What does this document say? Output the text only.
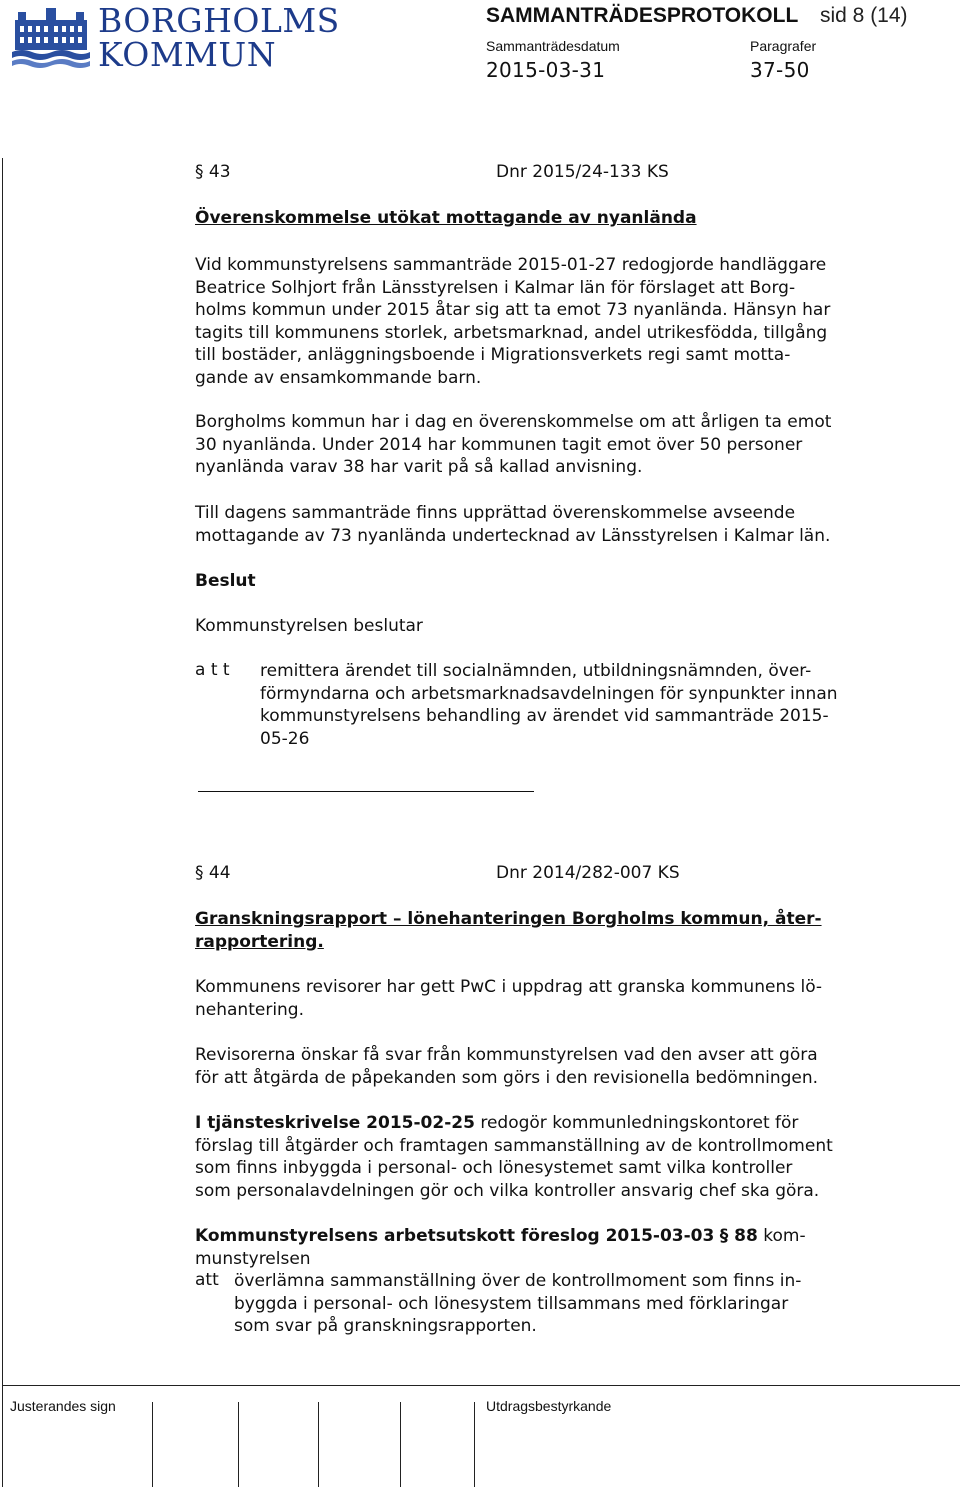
BORGHOLMS
KOMMUN
SAMMANTRÄDESPROTOKOLL sid 8 (14)
Sammanträdesdatum	Paragrafer
2015-03-31	37-50
§ 43	Dnr 2015/24-133 KS
Överenskommelse utökat mottagande av nyanlända
Vid kommunstyrelsens sammanträde 2015-01-27 redogjorde handläggare
Beatrice Solhjort från Länsstyrelsen i Kalmar län för förslaget att Borg-
holms kommun under 2015 åtar sig att ta emot 73 nyanlända. Hänsyn har
tagits till kommunens storlek, arbetsmarknad, andel utrikesfödda, tillgång
till bostäder, anläggningsboende i Migrationsverkets regi samt motta-
gande av ensamkommande barn.
Borgholms kommun har i dag en överenskommelse om att årligen ta emot
30 nyanlända. Under 2014 har kommunen tagit emot över 50 personer
nyanlända varav 38 har varit på så kallad anvisning.
Till dagens sammanträde finns upprättad överenskommelse avseende
mottagande av 73 nyanlända undertecknad av Länsstyrelsen i Kalmar län.
Beslut
Kommunstyrelsen beslutar
a t t remittera ärendet till socialnämnden, utbildningsnämnden, över-
förmyndarna och arbetsmarknadsavdelningen för synpunkter innan
kommunstyrelsens behandling av ärendet vid sammanträde 2015-
05-26
§ 44	Dnr 2014/282-007 KS
Granskningsrapport – lönehanteringen Borgholms kommun, åter-
rapportering.
Kommunens revisorer har gett PwC i uppdrag att granska kommunens lö-
nehantering.
Revisorerna önskar få svar från kommunstyrelsen vad den avser att göra
för att åtgärda de påpekanden som görs i den revisionella bedömningen.
I tjänsteskrivelse 2015-02-25 redogör kommunledningskontoret för
förslag till åtgärder och framtagen sammanställning av de kontrollmoment
som finns inbyggda i personal- och lönesystemet samt vilka kontroller
som personalavdelningen gör och vilka kontroller ansvarig chef ska göra.
Kommunstyrelsens arbetsutskott föreslog 2015-03-03 § 88 kom-
munstyrelsen
att överlämna sammanställning över de kontrollmoment som finns in-
byggda i personal- och lönesystem tillsammans med förklaringar
som svar på granskningsrapporten.
Justerandes sign	Utdragsbestyrkande
